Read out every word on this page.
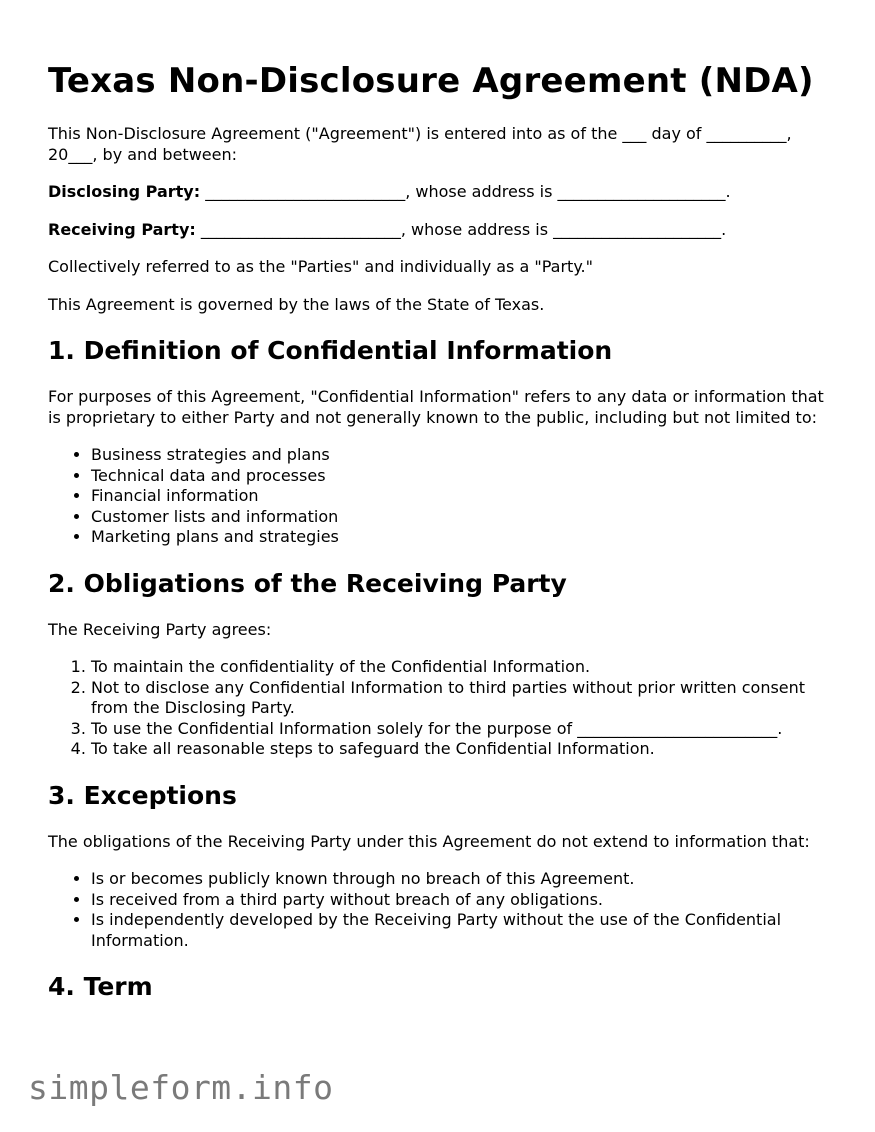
Texas Non-Disclosure Agreement (NDA)

This Non-Disclosure Agreement ("Agreement") is entered into as of the ___ day of __________, 20___, by and between:

Disclosing Party: _________________________, whose address is _____________________.

Receiving Party: _________________________, whose address is _____________________.

Collectively referred to as the "Parties" and individually as a "Party."

This Agreement is governed by the laws of the State of Texas.

1. Definition of Confidential Information

For purposes of this Agreement, "Confidential Information" refers to any data or information that is proprietary to either Party and not generally known to the public, including but not limited to:

• Business strategies and plans
• Technical data and processes
• Financial information
• Customer lists and information
• Marketing plans and strategies
2. Obligations of the Receiving Party

The Receiving Party agrees:

1. To maintain the confidentiality of the Confidential Information.
2. Not to disclose any Confidential Information to third parties without prior written consent from the Disclosing Party.
3. To use the Confidential Information solely for the purpose of _________________________.
4. To take all reasonable steps to safeguard the Confidential Information.
3. Exceptions

The obligations of the Receiving Party under this Agreement do not extend to information that:

• Is or becomes publicly known through no breach of this Agreement.
• Is received from a third party without breach of any obligations.
• Is independently developed by the Receiving Party without the use of the Confidential Information.
4. Term
simpleform.info
